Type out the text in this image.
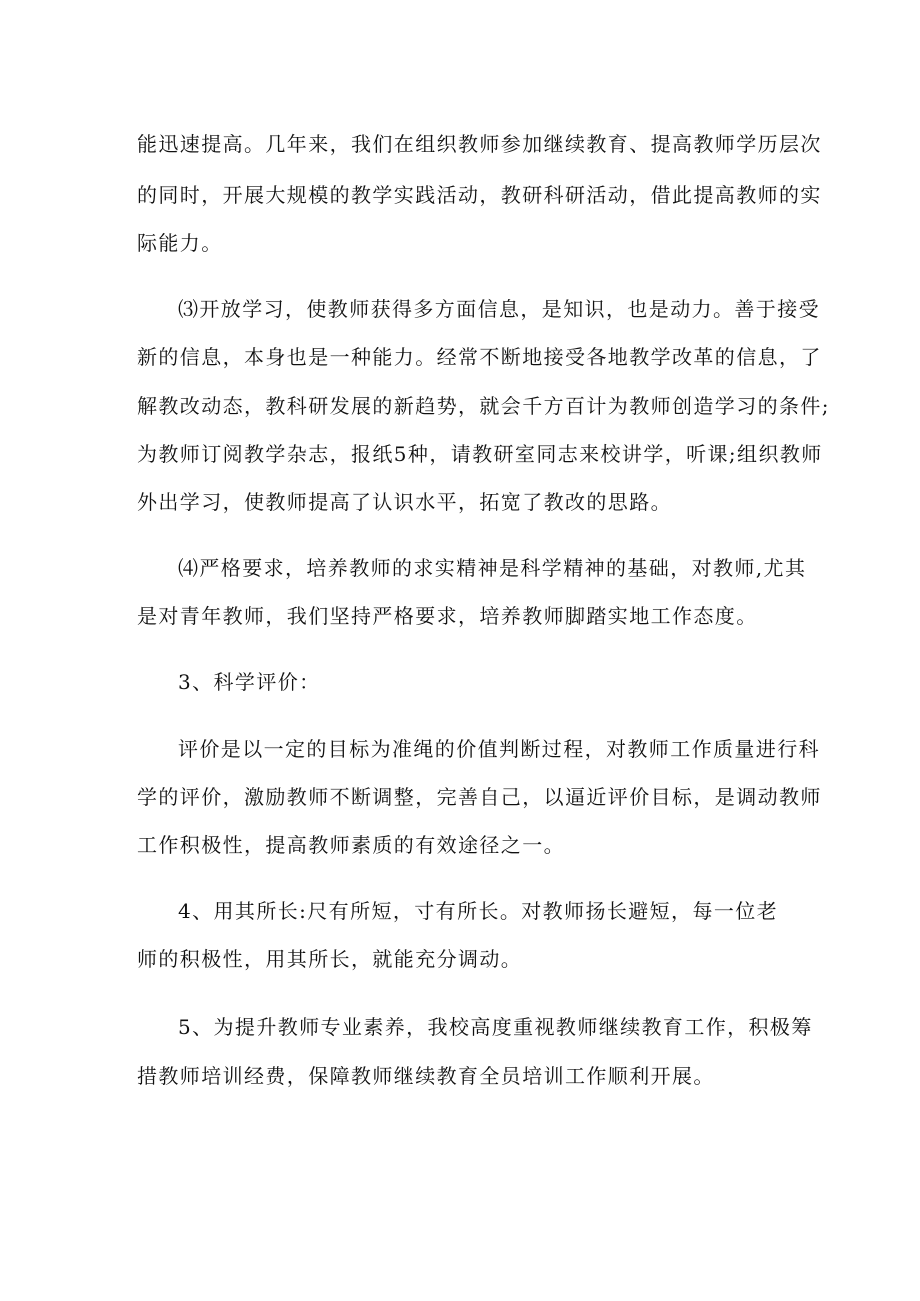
能迅速提高。几年来，我们在组织教师参加继续教育、提高教师学历层次
的同时，开展大规模的教学实践活动，教研科研活动，借此提高教师的实
际能力。
⑶开放学习，使教师获得多方面信息，是知识，也是动力。善于接受
新的信息，本身也是一种能力。经常不断地接受各地教学改革的信息，了
解教改动态，教科研发展的新趋势，就会千方百计为教师创造学习的条件;
为教师订阅教学杂志，报纸5种，请教研室同志来校讲学，听课;组织教师
外出学习，使教师提高了认识水平，拓宽了教改的思路。
⑷严格要求，培养教师的求实精神是科学精神的基础，对教师,尤其
是对青年教师，我们坚持严格要求，培养教师脚踏实地工作态度。
3、科学评价：
评价是以一定的目标为准绳的价值判断过程，对教师工作质量进行科
学的评价，激励教师不断调整，完善自己，以逼近评价目标，是调动教师
工作积极性，提高教师素质的有效途径之一。
4、用其所长:尺有所短，寸有所长。对教师扬长避短，每一位老
师的积极性，用其所长，就能充分调动。
5、为提升教师专业素养，我校高度重视教师继续教育工作，积极筹
措教师培训经费，保障教师继续教育全员培训工作顺利开展。
